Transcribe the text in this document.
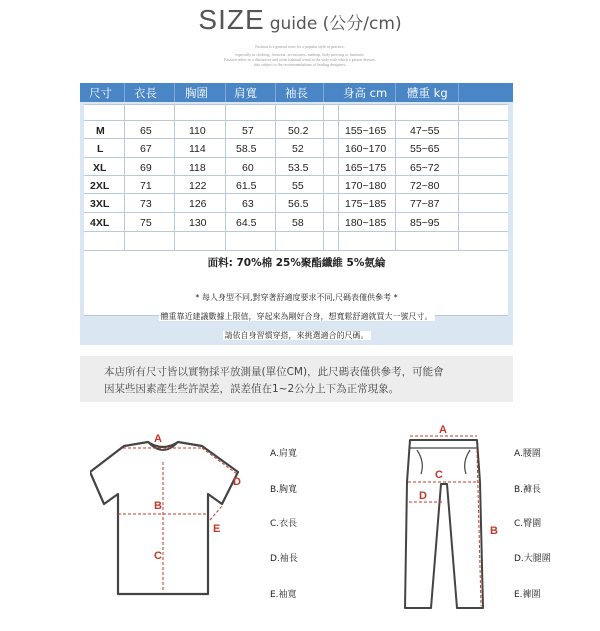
SIZE guide (公分/cm)
Fashion is a general term for a popular style or practice.
especially in clothing, footwear, accessories, makeup, body piercing or furniture.
Fashion refers to a distinctive and often habitual trend in the style with which a person dresses.
also subject to the recommendations of leading designers.
尺寸 衣長 胸圍 肩寬 袖長	身高 cm 體重 kg
M	65	110	57	50.2	155~165 47~55
L	67	114	58.5	52	160~170 55~65
XL	69	118	60	53.5	165~175 65~72
2XL	71	122	61.5	55	170~180 72~80
3XL	73	126	63	56.5	175~185 77~87
4XL	75	130	64.5	58	180~185 85~95
面料: 70%棉 25%聚酯纖維 5%氨綸
* 每人身型不同,對穿著舒適度要求不同,尺碼表僅供參考 *
體重靠近建議數據上限值，穿起來為剛好合身，想寬鬆舒適就買大一號尺寸。
請依自身習慣穿搭，來挑選適合的尺碼。

本店所有尺寸皆以實物採平放測量(單位CM)，此尺碼表僅供參考，可能會

因某些因素產生些許誤差，誤差值在1~2公分上下為正常現象。

A
B
C
D
E
A.肩寬
B.胸寬
C.衣長
D.袖長
E.袖寬
A
B
C
D
A.腰圍
B.褲長
C.臀圍
D.大腿圍
E.褲圍
